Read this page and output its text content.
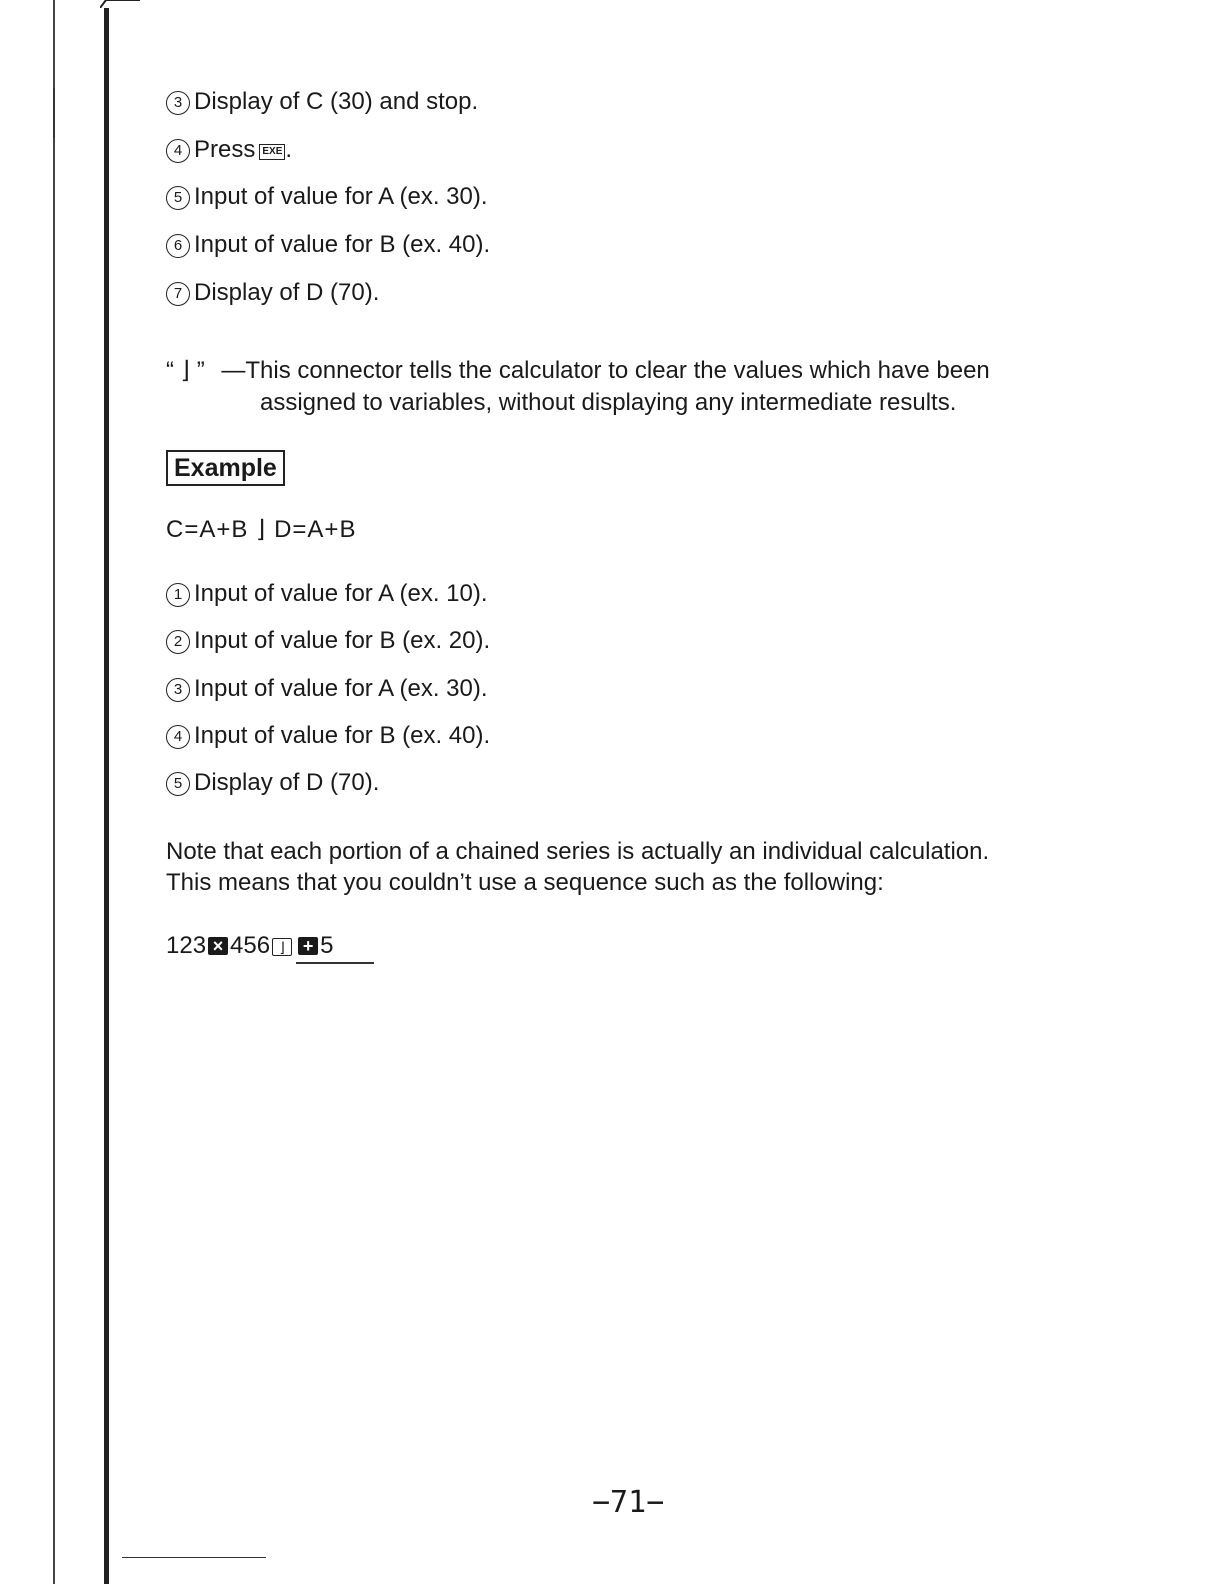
3 Display of C (30) and stop.
4 Press EXE .
5 Input of value for A (ex. 30).
6 Input of value for B (ex. 40).
7 Display of D (70).
“ ⌋ ” —This connector tells the calculator to clear the values which have been
assigned to variables, without displaying any intermediate results.
Example
C=A+B ⌋ D=A+B
1 Input of value for A (ex. 10).
2 Input of value for B (ex. 20).
3 Input of value for A (ex. 30).
4 Input of value for B (ex. 40).
5 Display of D (70).
Note that each portion of a chained series is actually an individual calculation.
This means that you couldn’t use a sequence such as the following:
123 × 456 ⌋ + 5
−71−
